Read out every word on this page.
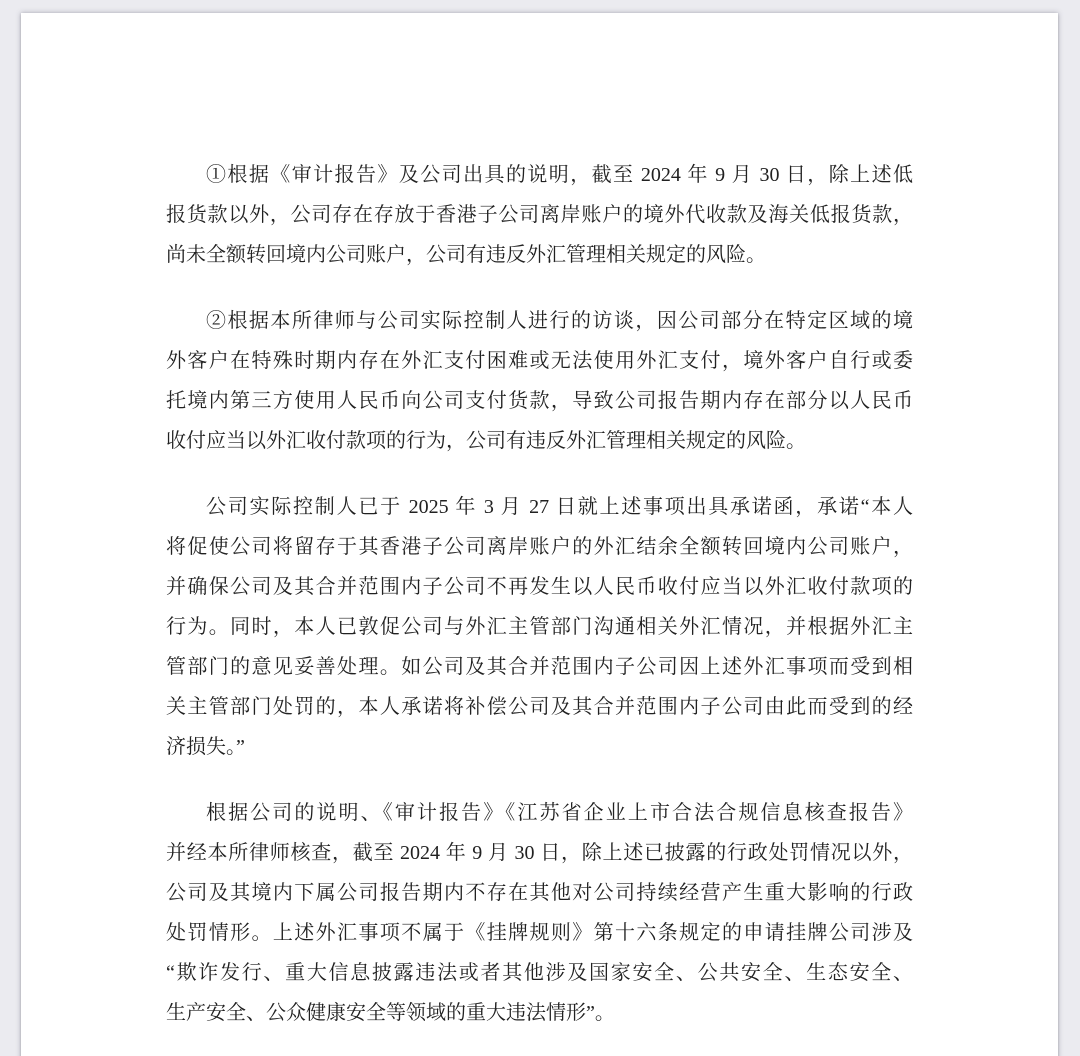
①根据《审计报告》及公司出具的说明，截至 2024 年 9 月 30 日，除上述低
报货款以外，公司存在存放于香港子公司离岸账户的境外代收款及海关低报货款，
尚未全额转回境内公司账户，公司有违反外汇管理相关规定的风险。
②根据本所律师与公司实际控制人进行的访谈，因公司部分在特定区域的境
外客户在特殊时期内存在外汇支付困难或无法使用外汇支付，境外客户自行或委
托境内第三方使用人民币向公司支付货款，导致公司报告期内存在部分以人民币
收付应当以外汇收付款项的行为，公司有违反外汇管理相关规定的风险。
公司实际控制人已于 2025 年 3 月 27 日就上述事项出具承诺函，承诺“本人
将促使公司将留存于其香港子公司离岸账户的外汇结余全额转回境内公司账户，
并确保公司及其合并范围内子公司不再发生以人民币收付应当以外汇收付款项的
行为。同时，本人已敦促公司与外汇主管部门沟通相关外汇情况，并根据外汇主
管部门的意见妥善处理。如公司及其合并范围内子公司因上述外汇事项而受到相
关主管部门处罚的，本人承诺将补偿公司及其合并范围内子公司由此而受到的经
济损失。”
根据公司的说明、《审计报告》《江苏省企业上市合法合规信息核查报告》
并经本所律师核查，截至 2024 年 9 月 30 日，除上述已披露的行政处罚情况以外，
公司及其境内下属公司报告期内不存在其他对公司持续经营产生重大影响的行政
处罚情形。上述外汇事项不属于《挂牌规则》第十六条规定的申请挂牌公司涉及
“欺诈发行、重大信息披露违法或者其他涉及国家安全、公共安全、生态安全、
生产安全、公众健康安全等领域的重大违法情形”。
